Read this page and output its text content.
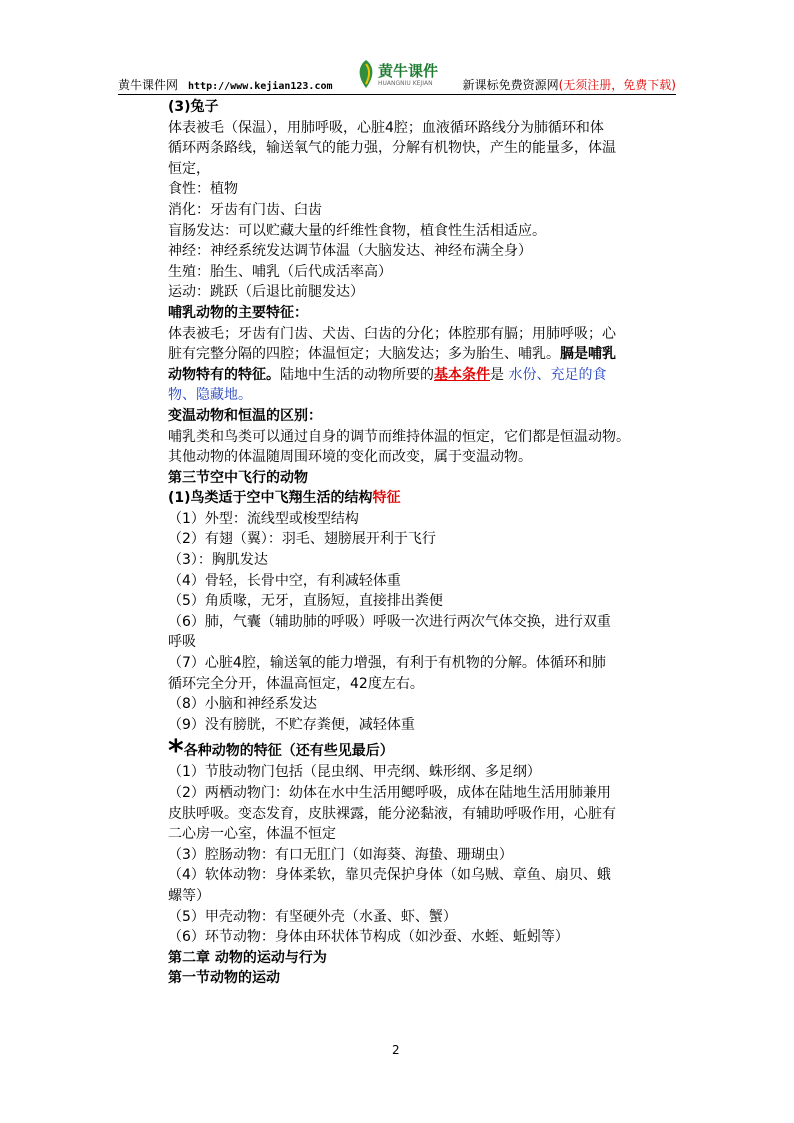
黄牛课件网 http://www.kejian123.com
黄牛课件
HUANGNIU KEJIAN	新课标免费资源网(无须注册，免费下载)

(3)兔子

体表被毛（保温），用肺呼吸，心脏4腔；血液循环路线分为肺循环和体

循环两条路线，输送氧气的能力强，分解有机物快，产生的能量多，体温

恒定，

食性：植物

消化：牙齿有门齿、臼齿

盲肠发达：可以贮藏大量的纤维性食物，植食性生活相适应。

神经：神经系统发达调节体温（大脑发达、神经布满全身）

生殖：胎生、哺乳（后代成活率高）

运动：跳跃（后退比前腿发达）

哺乳动物的主要特征：

体表被毛；牙齿有门齿、犬齿、臼齿的分化；体腔那有膈；用肺呼吸；心

脏有完整分隔的四腔；体温恒定；大脑发达；多为胎生、哺乳。膈是哺乳

动物特有的特征。陆地中生活的动物所要的基本条件是 水份、充足的食

物、隐藏地。

变温动物和恒温的区别：

哺乳类和鸟类可以通过自身的调节而维持体温的恒定，它们都是恒温动物。

其他动物的体温随周围环境的变化而改变，属于变温动物。

第三节空中飞行的动物

(1)鸟类适于空中飞翔生活的结构特征

（1）外型：流线型或梭型结构

（2）有翅（翼）：羽毛、翅膀展开利于飞行

（3）：胸肌发达

（4）骨轻，长骨中空，有利减轻体重

（5）角质喙，无牙，直肠短，直接排出粪便

（6）肺，气囊（辅助肺的呼吸）呼吸一次进行两次气体交换，进行双重

呼吸

（7）心脏4腔，输送氧的能力增强，有利于有机物的分解。体循环和肺

循环完全分开，体温高恒定，42度左右。

（8）小脑和神经系发达

（9）没有膀胱，不贮存粪便，减轻体重

*各种动物的特征（还有些见最后）

（1）节肢动物门包括（昆虫纲、甲壳纲、蛛形纲、多足纲）

（2）两栖动物门：幼体在水中生活用鳃呼吸，成体在陆地生活用肺兼用

皮肤呼吸。变态发育，皮肤裸露，能分泌黏液，有辅助呼吸作用，心脏有

二心房一心室，体温不恒定

（3）腔肠动物：有口无肛门（如海葵、海蛰、珊瑚虫）

（4）软体动物：身体柔软，靠贝壳保护身体（如乌贼、章鱼、扇贝、蛾

螺等）

（5）甲壳动物：有坚硬外壳（水蚤、虾、蟹）

（6）环节动物：身体由环状体节构成（如沙蚕、水蛭、蚯蚓等）

第二章 动物的运动与行为

第一节动物的运动

2
